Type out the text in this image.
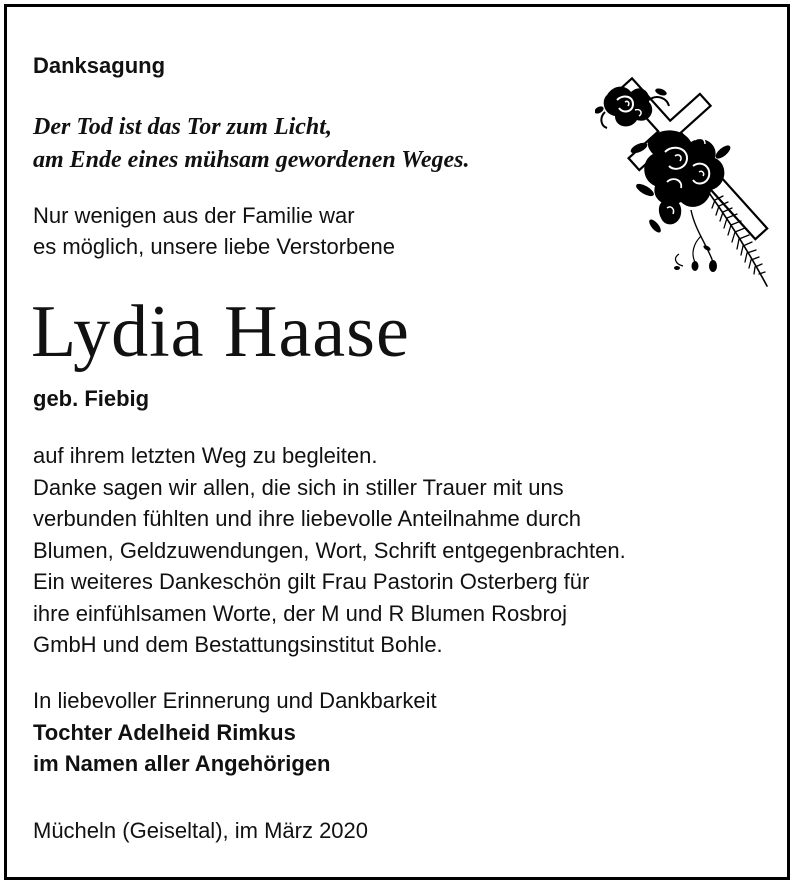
Danksagung

Der Tod ist das Tor zum Licht,
am Ende eines mühsam gewordenen Weges.

Nur wenigen aus der Familie war
es möglich, unsere liebe Verstorbene

Lydia Haase

geb. Fiebig

auf ihrem letzten Weg zu begleiten.
Danke sagen wir allen, die sich in stiller Trauer mit uns
verbunden fühlten und ihre liebevolle Anteilnahme durch
Blumen, Geldzuwendungen, Wort, Schrift entgegenbrachten.
Ein weiteres Dankeschön gilt Frau Pastorin Osterberg für
ihre einfühlsamen Worte, der M und R Blumen Rosbroj
GmbH und dem Bestattungsinstitut Bohle.

In liebevoller Erinnerung und Dankbarkeit
Tochter Adelheid Rimkus
im Namen aller Angehörigen

Mücheln (Geiseltal), im März 2020
